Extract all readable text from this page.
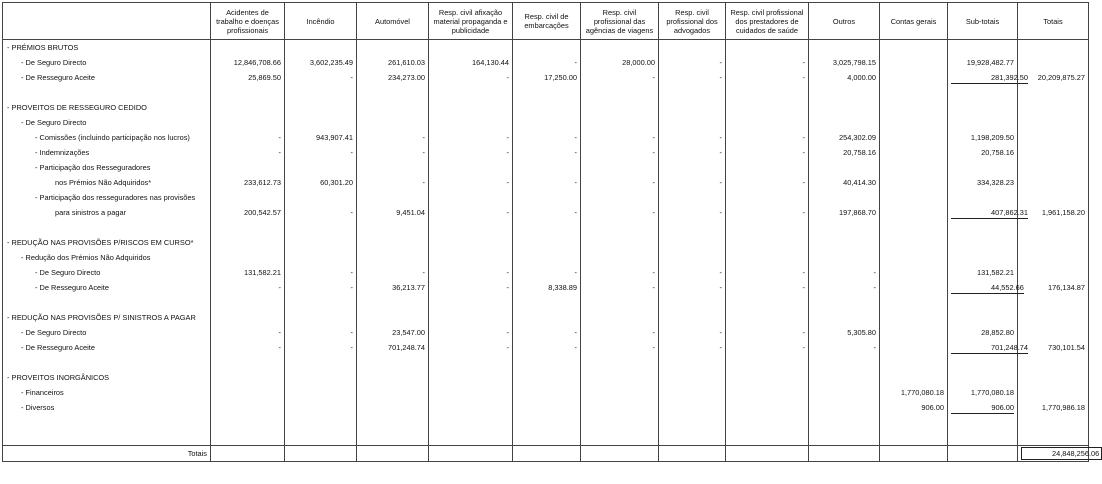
	Acidentes de trabalho e doenças profissionais	Incêndio	Automóvel	Resp. civil afixação material propaganda e publicidade	Resp. civil de embarcações	Resp. civil profissional das agências de viagens	Resp. civil profissional dos advogados	Resp. civil profissional dos prestadores de cuidados de saúde	Outros	Contas gerais	Sub-totais	Totais
- PRÉMIOS BRUTOS												
- De Seguro Directo	12,846,708.66	3,602,235.49	261,610.03	164,130.44	-	28,000.00	-	-	3,025,798.15		19,928,482.77	
- De Resseguro Aceite	25,869.50	-	234,273.00	-	17,250.00	-	-	-	4,000.00		281,392.50	20,209,875.27

- PROVEITOS DE RESSEGURO CEDIDO												
- De Seguro Directo												
- Comissões (incluindo participação nos lucros)	-	943,907.41	-	-	-	-	-	-	254,302.09		1,198,209.50	
- Indemnizações	-	-	-	-	-	-	-	-	20,758.16		20,758.16	
- Participação dos Resseguradores												
nos Prémios Não Adquiridos*	233,612.73	60,301.20	-	-	-	-	-	-	40,414.30		334,328.23	
- Participação dos resseguradores nas provisões												
para sinistros a pagar	200,542.57	-	9,451.04	-	-	-	-	-	197,868.70		407,862.31	1,961,158.20

- REDUÇÃO NAS PROVISÕES P/RISCOS EM CURSO*												
- Redução dos Prémios Não Adquiridos												
- De Seguro Directo	131,582.21	-	-	-	-	-	-	-	-		131,582.21	
- De Resseguro Aceite	-	-	36,213.77	-	8,338.89	-	-	-	-		44,552.66	176,134.87

- REDUÇÃO NAS PROVISÕES P/ SINISTROS A PAGAR												
- De Seguro Directo	-	-	23,547.00	-	-	-	-	-	5,305.80		28,852.80	
- De Resseguro Aceite	-	-	701,248.74	-	-	-	-	-	-		701,248.74	730,101.54

- PROVEITOS INORGÂNICOS												
- Financeiros										1,770,080.18	1,770,080.18	
- Diversos										906.00	906.00	1,770,986.18

Totais												24,848,256.06
